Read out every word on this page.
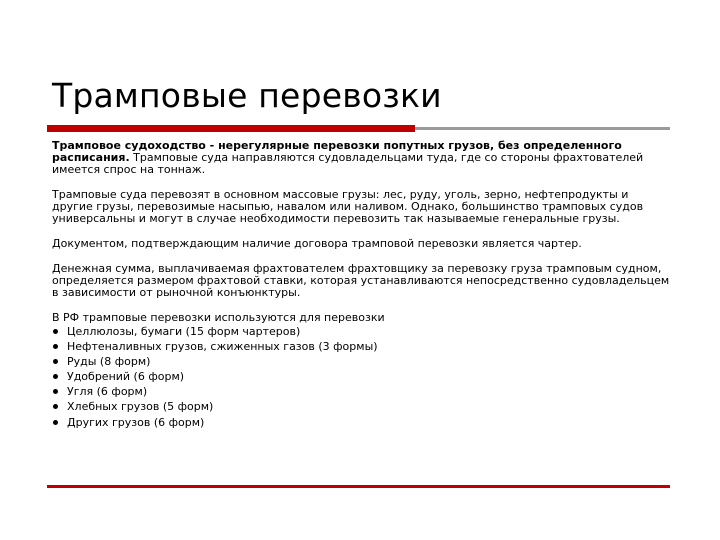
Трамповые перевозки

Трамповое судоходство - нерегулярные перевозки попутных грузов, без определенного расписания. Трамповые суда направляются судовладельцами туда, где со стороны фрахтователей имеется спрос на тоннаж.

Трамповые суда перевозят в основном массовые грузы: лес, руду, уголь, зерно, нефтепродукты и другие грузы, перевозимые насыпью, навалом или наливом. Однако, большинство трамповых судов универсальны и могут в случае необходимости перевозить так называемые генеральные грузы.

Документом, подтверждающим наличие договора трамповой перевозки является чартер.

Денежная сумма, выплачиваемая фрахтователем фрахтовщику за перевозку груза трамповым судном, определяется размером фрахтовой ставки, которая устанавливаются непосредственно судовладельцем в зависимости от рыночной конъюнктуры.

В РФ трамповые перевозки используются для перевозки
Целлюлозы, бумаги (15 форм чартеров)
Нефтеналивных грузов, сжиженных газов (3 формы)
Руды (8 форм)
Удобрений (6 форм)
Угля (6 форм)
Хлебных грузов (5 форм)
Других грузов (6 форм)
